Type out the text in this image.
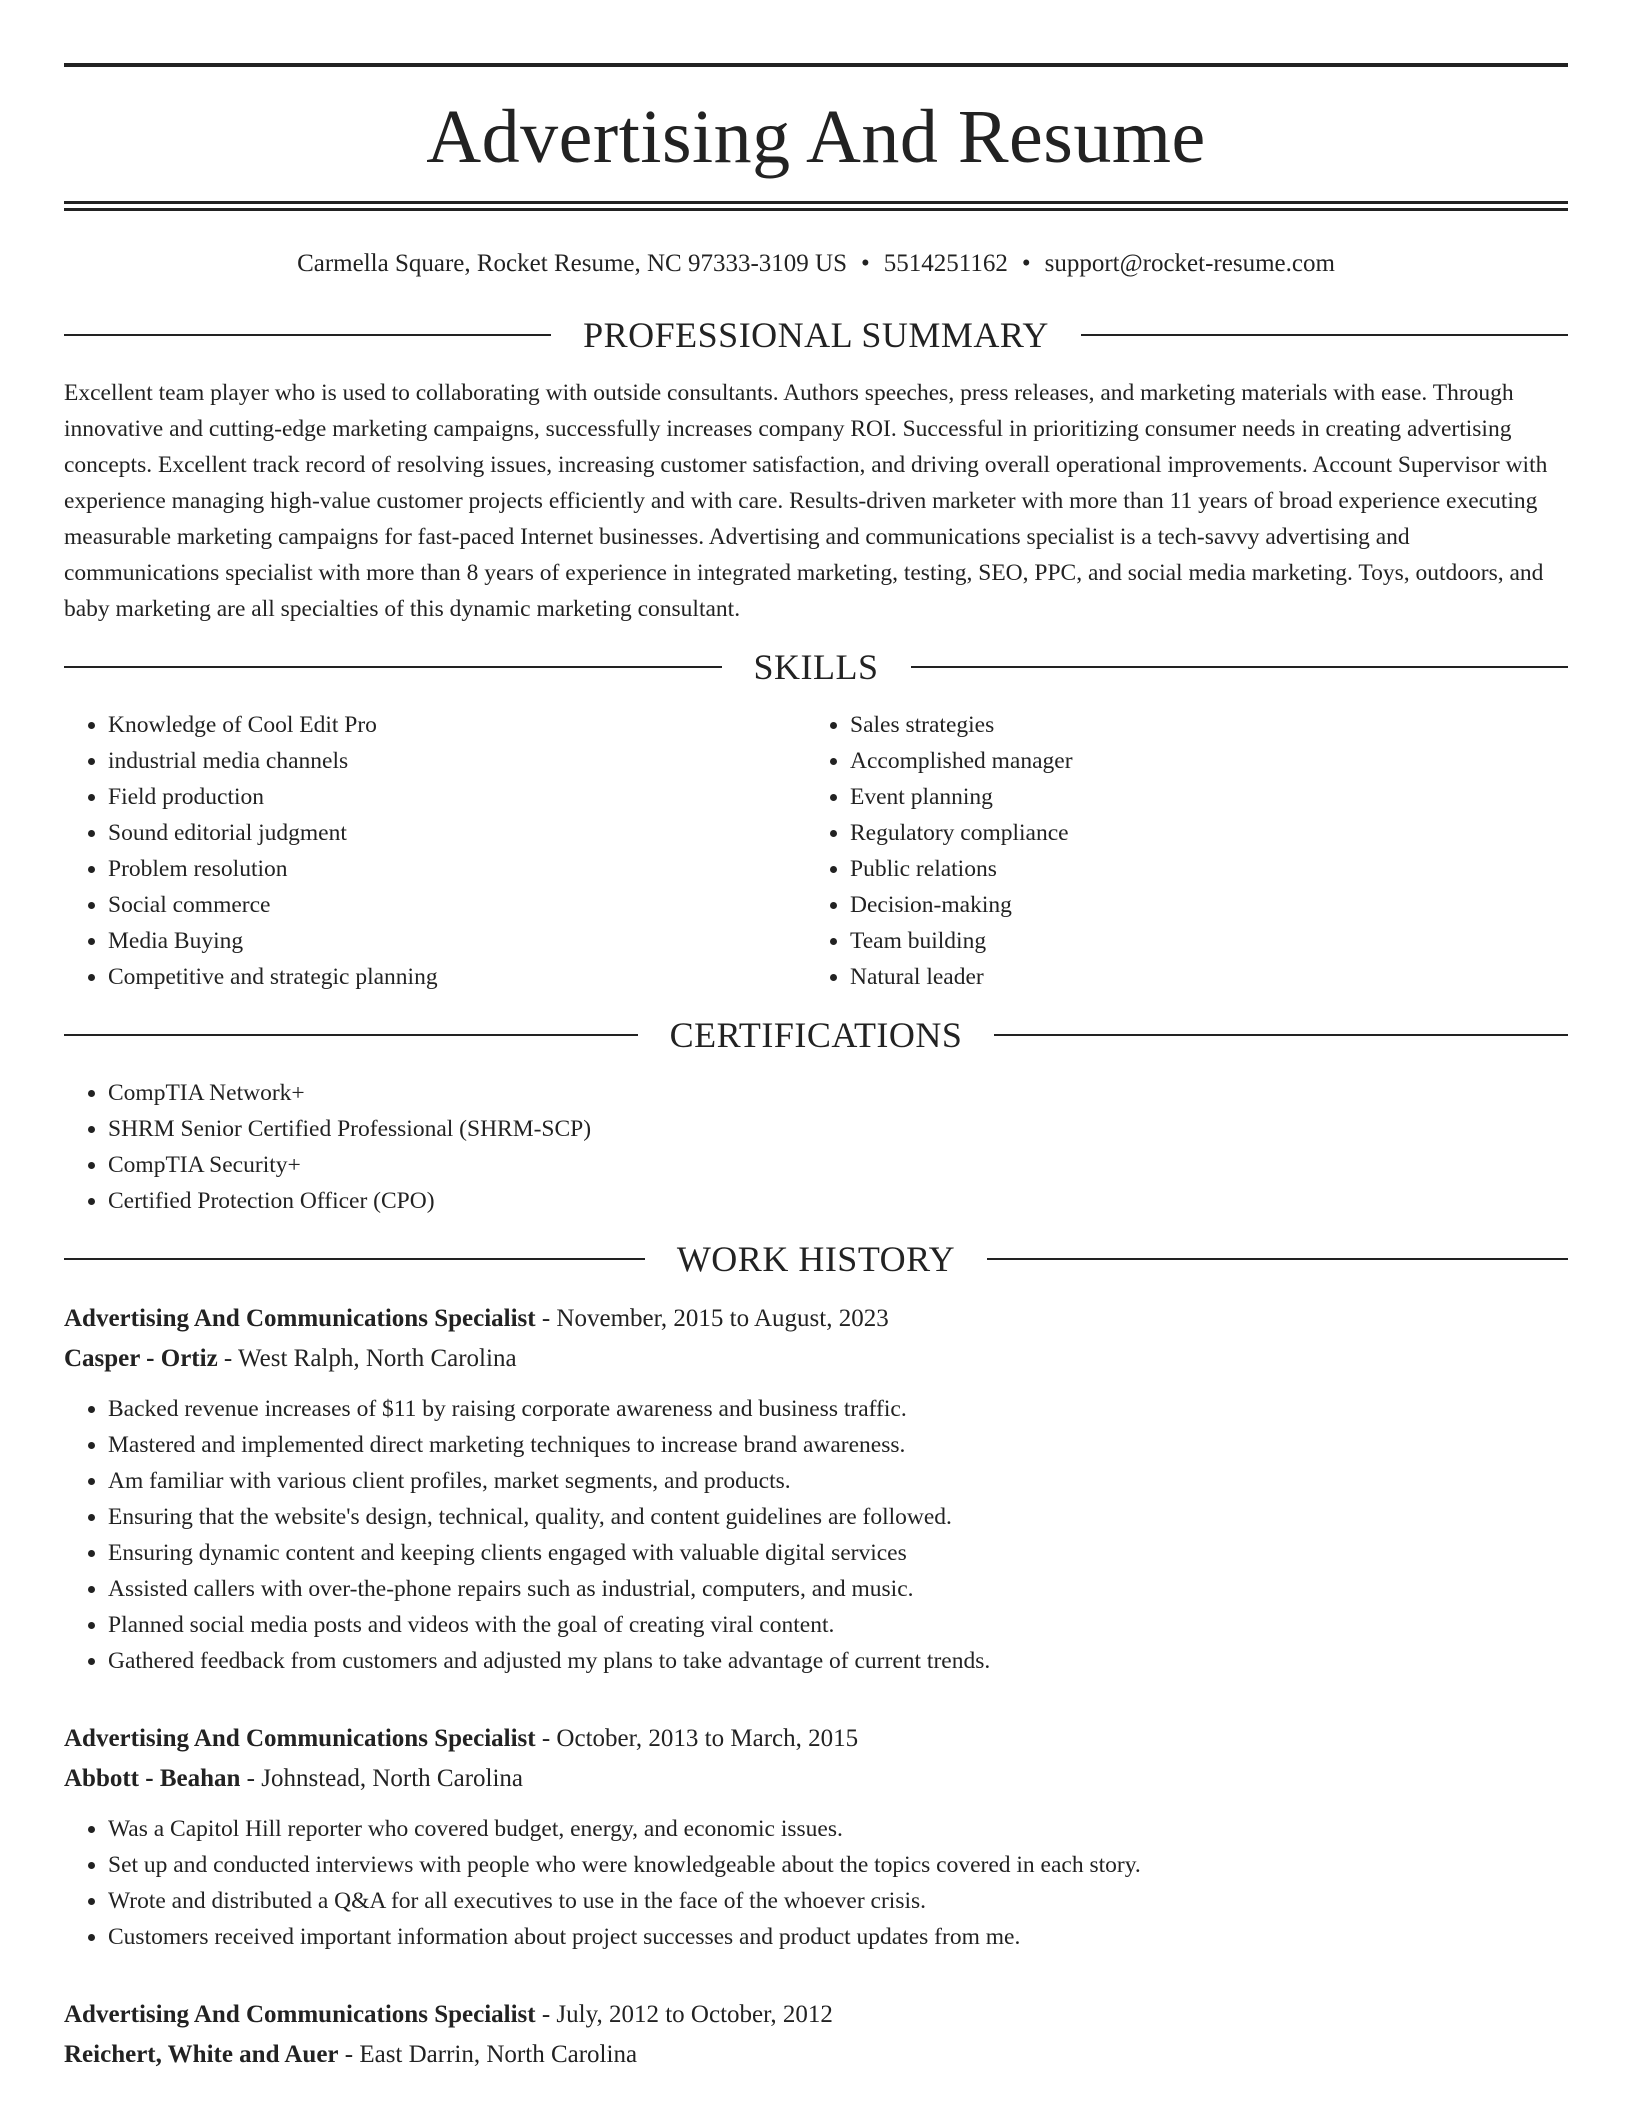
Advertising And Resume
Carmella Square, Rocket Resume, NC 97333-3109 US • 5514251162 • support@rocket-resume.com
PROFESSIONAL SUMMARY

Excellent team player who is used to collaborating with outside consultants. Authors speeches, press releases, and marketing materials with ease. Through innovative and cutting-edge marketing campaigns, successfully increases company ROI. Successful in prioritizing consumer needs in creating advertising concepts. Excellent track record of resolving issues, increasing customer satisfaction, and driving overall operational improvements. Account Supervisor with experience managing high-value customer projects efficiently and with care. Results-driven marketer with more than 11 years of broad experience executing measurable marketing campaigns for fast-paced Internet businesses. Advertising and communications specialist is a tech-savvy advertising and communications specialist with more than 8 years of experience in integrated marketing, testing, SEO, PPC, and social media marketing. Toys, outdoors, and baby marketing are all specialties of this dynamic marketing consultant.

SKILLS
• Knowledge of Cool Edit Pro
• industrial media channels
• Field production
• Sound editorial judgment
• Problem resolution
• Social commerce
• Media Buying
• Competitive and strategic planning
• Sales strategies
• Accomplished manager
• Event planning
• Regulatory compliance
• Public relations
• Decision-making
• Team building
• Natural leader
CERTIFICATIONS
• CompTIA Network+
• SHRM Senior Certified Professional (SHRM-SCP)
• CompTIA Security+
• Certified Protection Officer (CPO)
WORK HISTORY
Advertising And Communications Specialist - November, 2015 to August, 2023
Casper - Ortiz - West Ralph, North Carolina
• Backed revenue increases of $11 by raising corporate awareness and business traffic.
• Mastered and implemented direct marketing techniques to increase brand awareness.
• Am familiar with various client profiles, market segments, and products.
• Ensuring that the website's design, technical, quality, and content guidelines are followed.
• Ensuring dynamic content and keeping clients engaged with valuable digital services
• Assisted callers with over-the-phone repairs such as industrial, computers, and music.
• Planned social media posts and videos with the goal of creating viral content.
• Gathered feedback from customers and adjusted my plans to take advantage of current trends.
Advertising And Communications Specialist - October, 2013 to March, 2015
Abbott - Beahan - Johnstead, North Carolina
• Was a Capitol Hill reporter who covered budget, energy, and economic issues.
• Set up and conducted interviews with people who were knowledgeable about the topics covered in each story.
• Wrote and distributed a Q&A for all executives to use in the face of the whoever crisis.
• Customers received important information about project successes and product updates from me.
Advertising And Communications Specialist - July, 2012 to October, 2012
Reichert, White and Auer - East Darrin, North Carolina
